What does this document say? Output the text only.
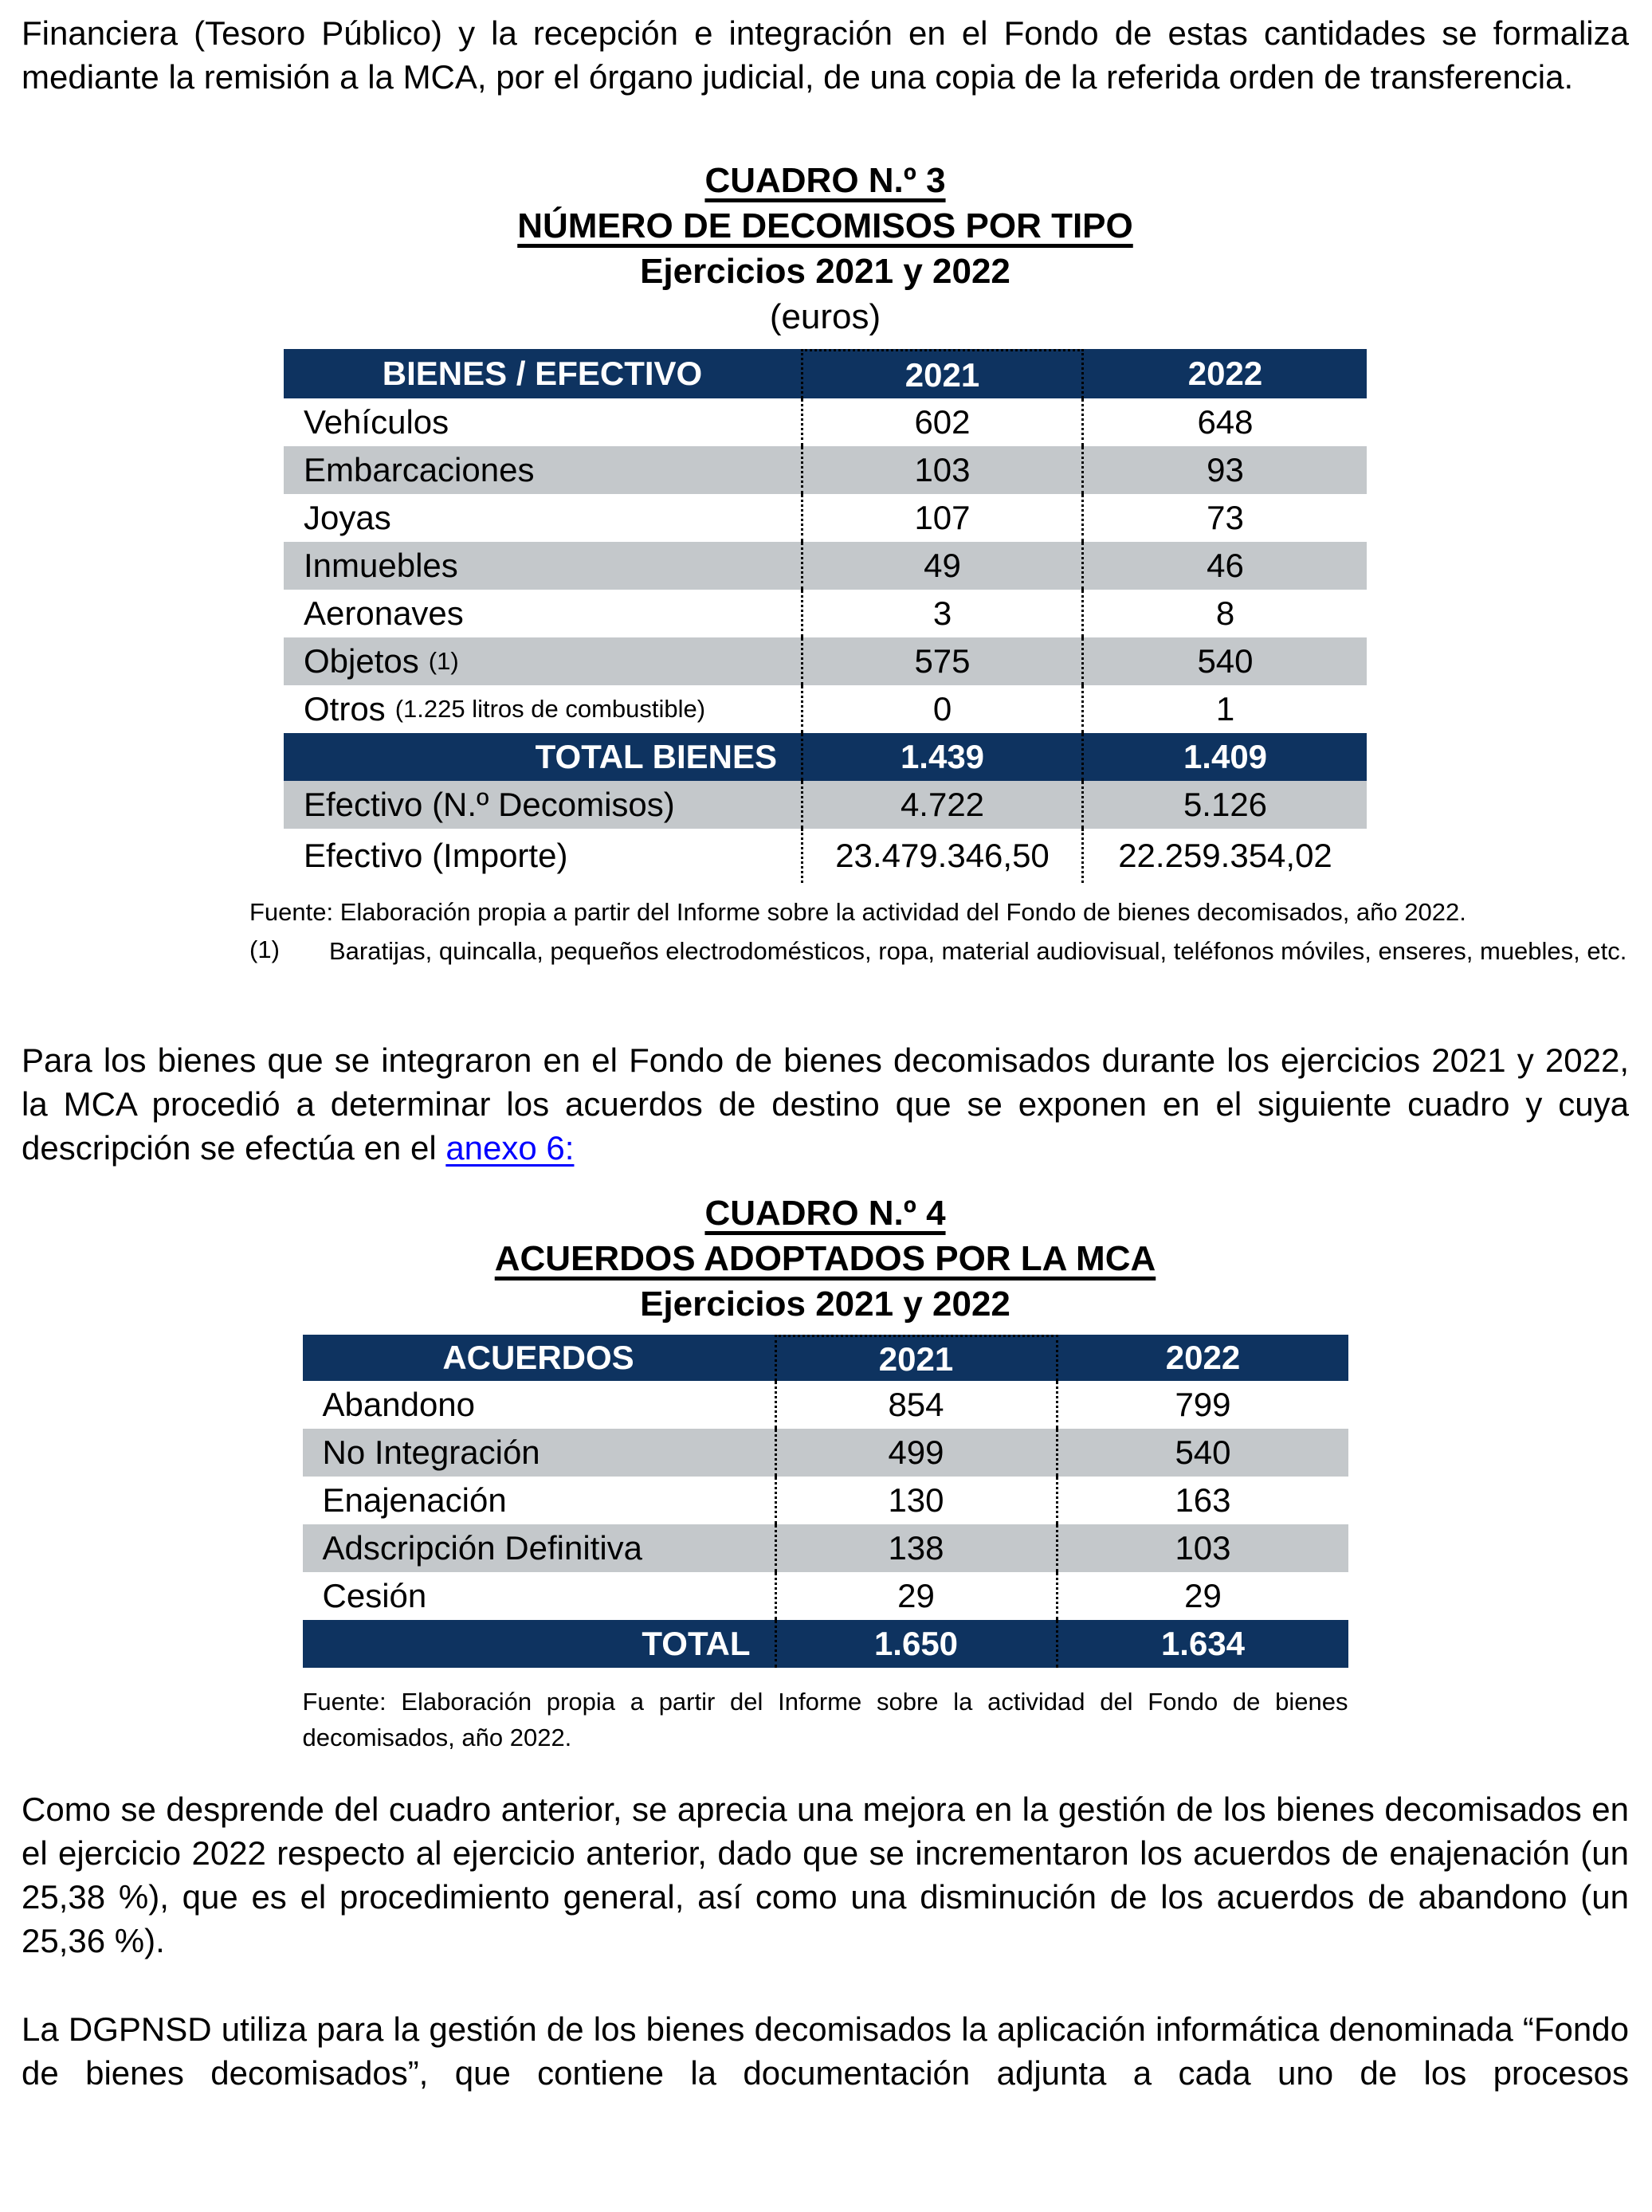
Financiera (Tesoro Público) y la recepción e integración en el Fondo de estas cantidades se formaliza mediante la remisión a la MCA, por el órgano judicial, de una copia de la referida orden de transferencia.

CUADRO N.º 3
NÚMERO DE DECOMISOS POR TIPO
Ejercicios 2021 y 2022
(euros)
BIENES / EFECTIVO	2021	2022
Vehículos	602	648
Embarcaciones	103	93
Joyas	107	73
Inmuebles	49	46
Aeronaves	3	8
Objetos (1)	575	540
Otros (1.225 litros de combustible)	0	1
TOTAL BIENES	1.439	1.409
Efectivo (N.º Decomisos)	4.722	5.126
Efectivo (Importe)	23.479.346,50	22.259.354,02
Fuente: Elaboración propia a partir del Informe sobre la actividad del Fondo de bienes decomisados, año 2022.
(1)	Baratijas, quincalla, pequeños electrodomésticos, ropa, material audiovisual, teléfonos móviles, enseres, muebles, etc.

Para los bienes que se integraron en el Fondo de bienes decomisados durante los ejercicios 2021 y 2022, la MCA procedió a determinar los acuerdos de destino que se exponen en el siguiente cuadro y cuya descripción se efectúa en el anexo 6:

CUADRO N.º 4
ACUERDOS ADOPTADOS POR LA MCA
Ejercicios 2021 y 2022
ACUERDOS	2021	2022
Abandono	854	799
No Integración	499	540
Enajenación	130	163
Adscripción Definitiva	138	103
Cesión	29	29
TOTAL	1.650	1.634
Fuente: Elaboración propia a partir del Informe sobre la actividad del Fondo de bienes decomisados, año 2022.

Como se desprende del cuadro anterior, se aprecia una mejora en la gestión de los bienes decomisados en el ejercicio 2022 respecto al ejercicio anterior, dado que se incrementaron los acuerdos de enajenación (un 25,38 %), que es el procedimiento general, así como una disminución de los acuerdos de abandono (un 25,36 %).

La DGPNSD utiliza para la gestión de los bienes decomisados la aplicación informática denominada “Fondo de bienes decomisados”, que contiene la documentación adjunta a cada uno de los procesos
